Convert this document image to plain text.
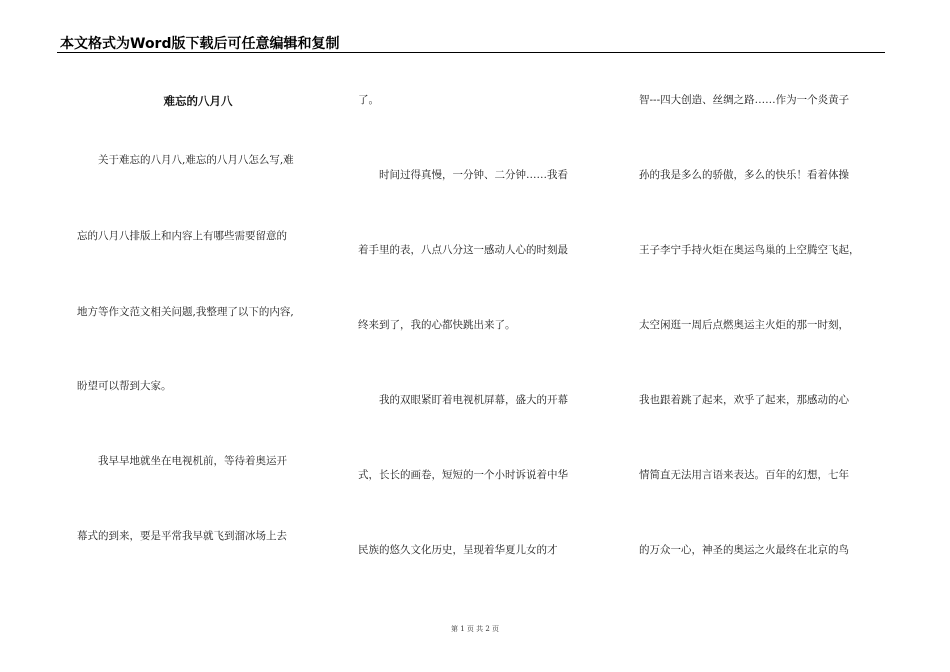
本文格式为Word版下载后可任意编辑和复制
难忘的八月八
　　关于难忘的八月八,难忘的八月八怎么写,难
忘的八月八排版上和内容上有哪些需要留意的
地方等作文范文相关问题,我整理了以下的内容,
盼望可以帮到大家。
　　我早早地就坐在电视机前，等待着奥运开
幕式的到来，要是平常我早就飞到溜冰场上去
了。
　　时间过得真慢，一分钟、二分钟……我看
着手里的表，八点八分这一感动人心的时刻最
终来到了，我的心都快跳出来了。
　　我的双眼紧盯着电视机屏幕，盛大的开幕
式，长长的画卷，短短的一个小时诉说着中华
民族的悠久文化历史，呈现着华夏儿女的才
智---四大创造、丝绸之路……作为一个炎黄子
孙的我是多么的骄傲，多么的快乐！看着体操
王子李宁手持火炬在奥运鸟巢的上空腾空飞起，
太空闲逛一周后点燃奥运主火炬的那一时刻，
我也跟着跳了起来，欢乎了起来，那感动的心
情简直无法用言语来表达。百年的幻想，七年
的万众一心，神圣的奥运之火最终在北京的鸟
第 1 页 共 2 页
